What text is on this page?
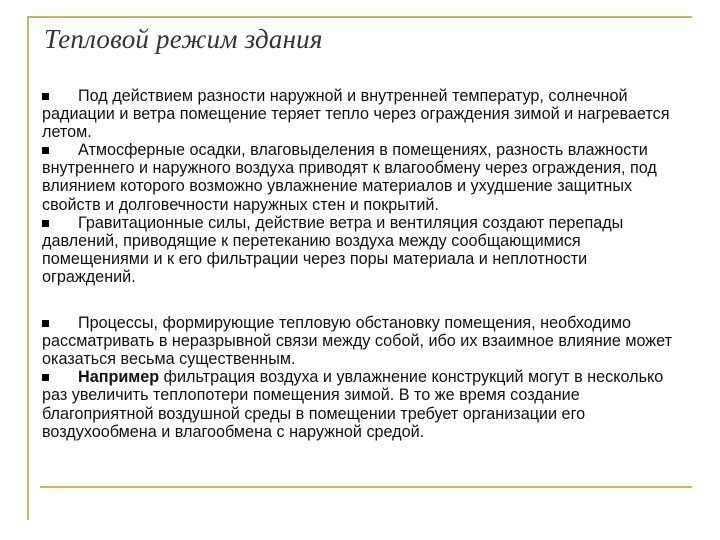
Тепловой режим здания

Под действием разности наружной и внутренней температур, солнечной радиации и ветра помещение теряет тепло через ограждения зимой и нагревается летом.

Атмосферные осадки, влаговыделения в помещениях, разность влажности внутреннего и наружного воздуха приводят к влагообмену через ограждения, под влиянием которого возможно увлажнение материалов и ухудшение защитных свойств и долговечности наружных стен и покрытий.

Гравитационные силы, действие ветра и вентиляция создают перепады давлений, приводящие к перетеканию воздуха между сообщающимися помещениями и к его фильтрации через поры материала и неплотности ограждений.

Процессы, формирующие тепловую обстановку помещения, необходимо рассматривать в неразрывной связи между собой, ибо их взаимное влияние может оказаться весьма существенным.

Например фильтрация воздуха и увлажнение конструкций могут в несколько раз увеличить теплопотери помещения зимой. В то же время создание благоприятной воздушной среды в помещении требует организации его воздухообмена и влагообмена с наружной средой.
